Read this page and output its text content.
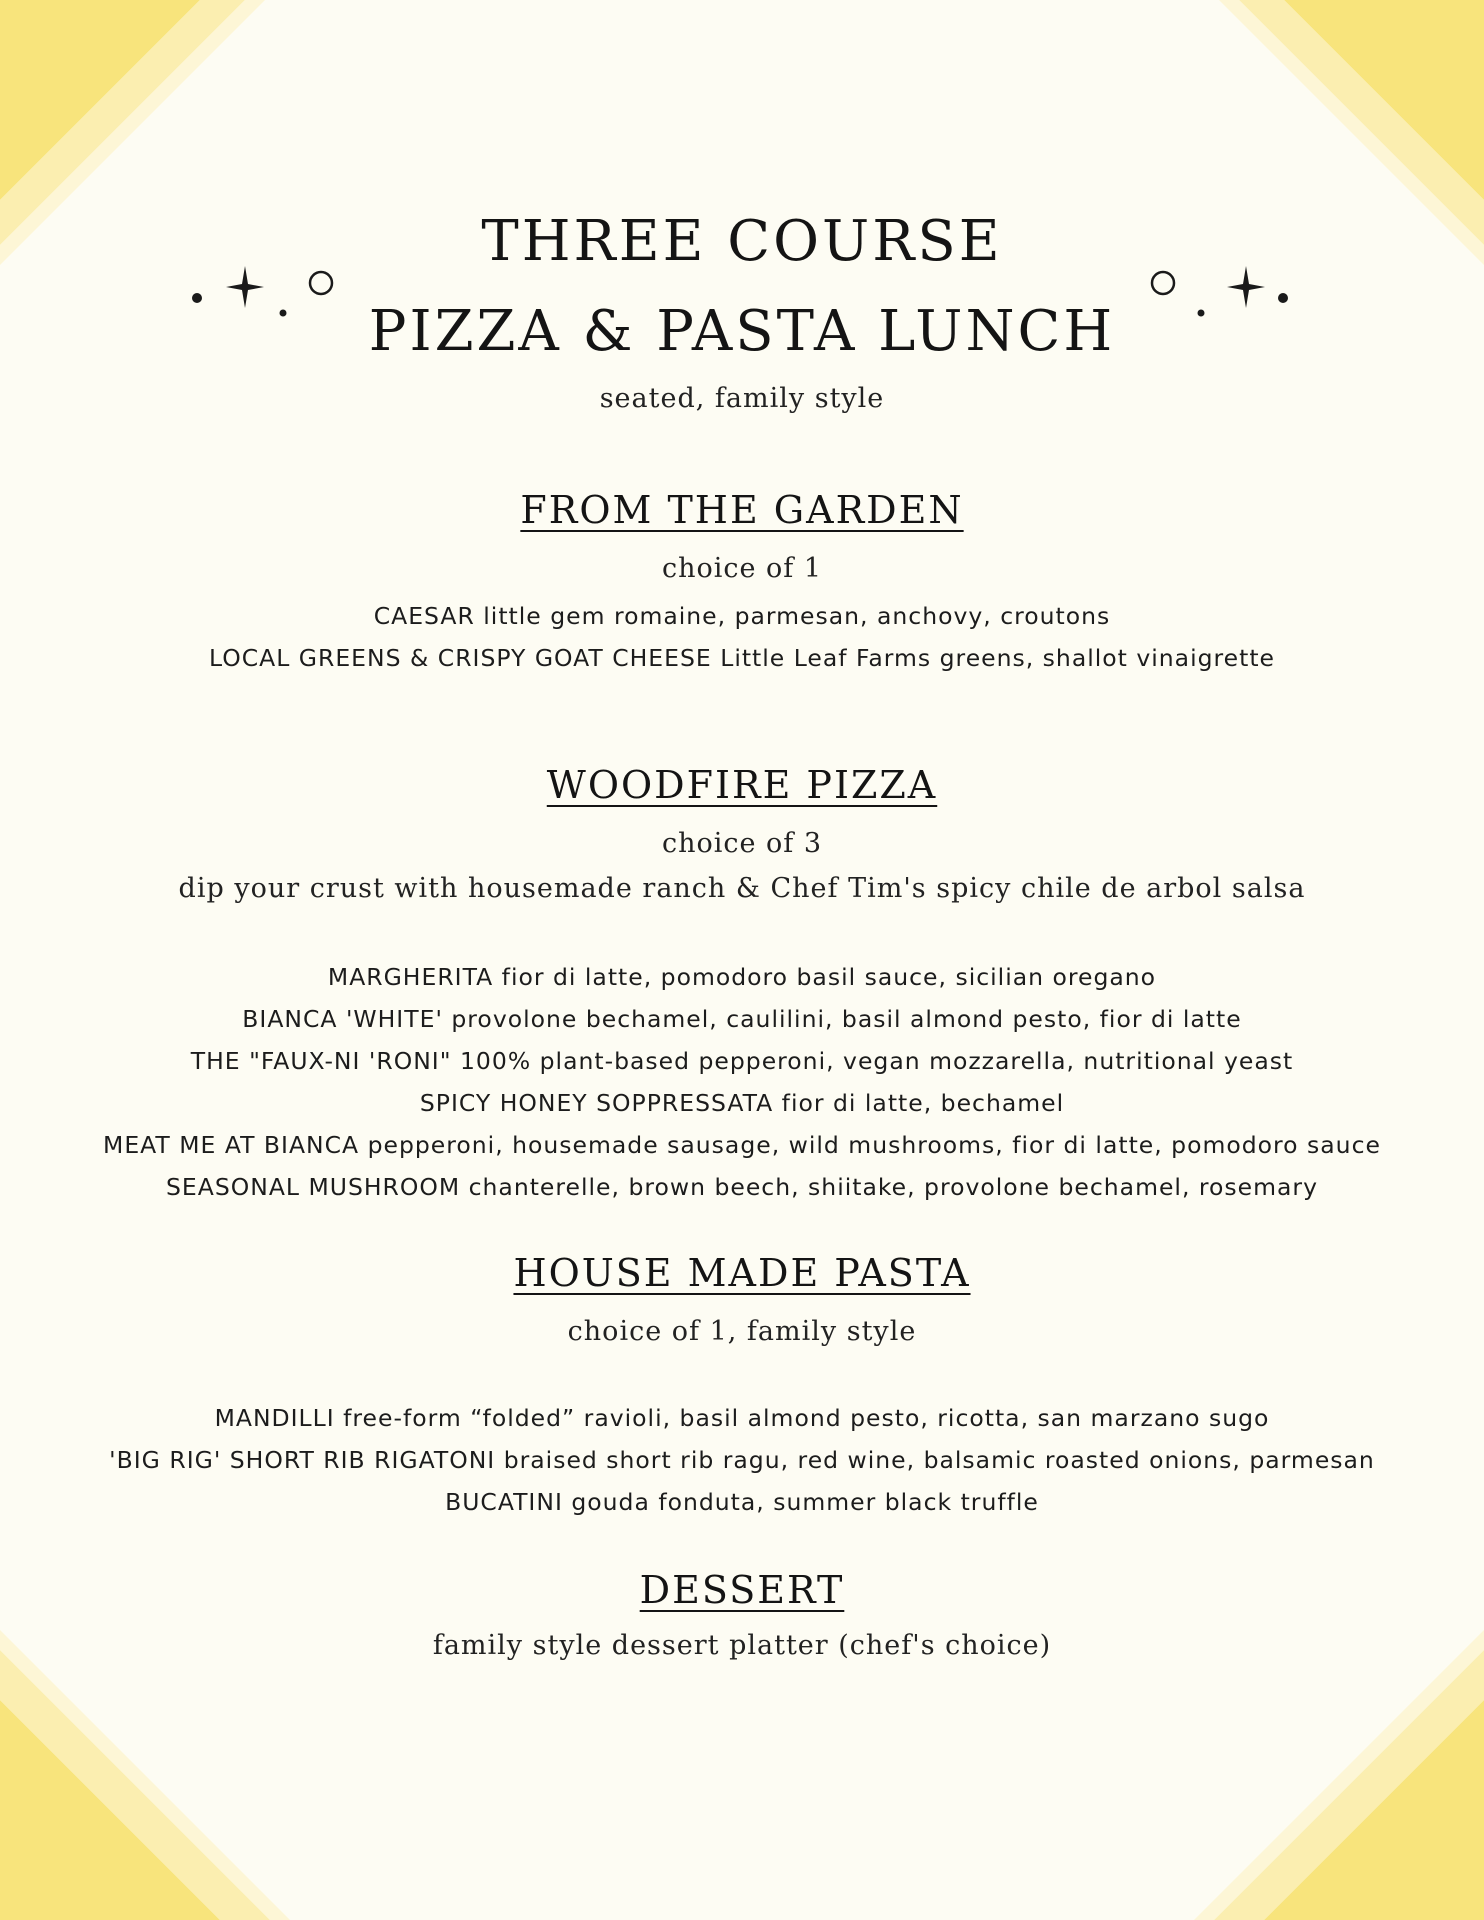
THREE COURSE
PIZZA & PASTA LUNCH
seated, family style
FROM THE GARDEN
choice of 1
CAESAR little gem romaine, parmesan, anchovy, croutons
LOCAL GREENS & CRISPY GOAT CHEESE Little Leaf Farms greens, shallot vinaigrette
WOODFIRE PIZZA
choice of 3
dip your crust with housemade ranch & Chef Tim's spicy chile de arbol salsa
MARGHERITA fior di latte, pomodoro basil sauce, sicilian oregano
BIANCA 'WHITE' provolone bechamel, caulilini, basil almond pesto, fior di latte
THE "FAUX-NI 'RONI" 100% plant-based pepperoni, vegan mozzarella, nutritional yeast
SPICY HONEY SOPPRESSATA fior di latte, bechamel
MEAT ME AT BIANCA pepperoni, housemade sausage, wild mushrooms, fior di latte, pomodoro sauce
SEASONAL MUSHROOM chanterelle, brown beech, shiitake, provolone bechamel, rosemary
HOUSE MADE PASTA
choice of 1, family style
MANDILLI free-form “folded” ravioli, basil almond pesto, ricotta, san marzano sugo
'BIG RIG' SHORT RIB RIGATONI braised short rib ragu, red wine, balsamic roasted onions, parmesan
BUCATINI gouda fonduta, summer black truffle
DESSERT
family style dessert platter (chef's choice)
